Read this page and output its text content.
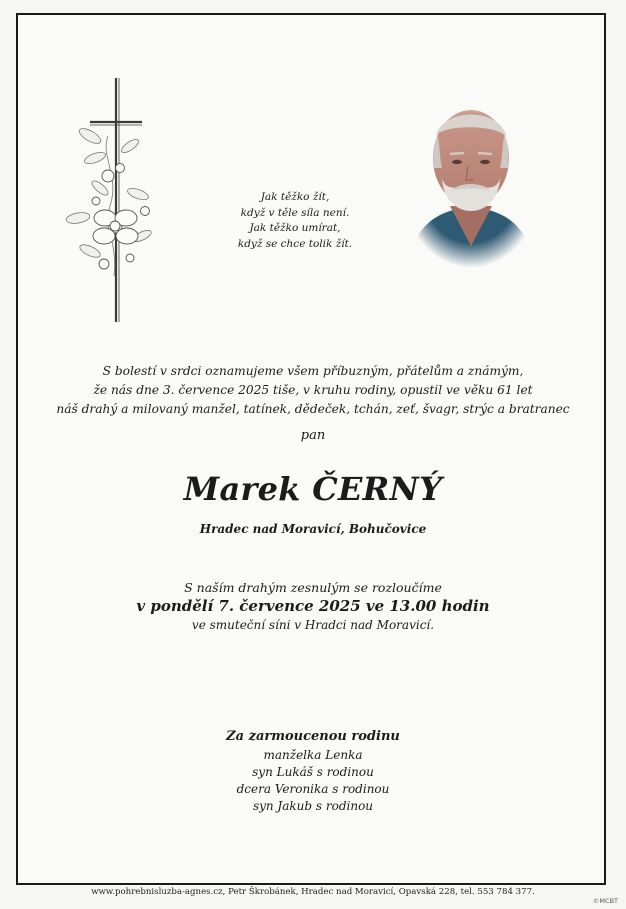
Jak těžko žít,
když v těle síla není.
Jak těžko umírat,
když se chce tolik žít.
S bolestí v srdci oznamujeme všem příbuzným, přátelům a známým,
že nás dne 3. července 2025 tiše, v kruhu rodiny, opustil ve věku 61 let
náš drahý a milovaný manžel, tatínek, dědeček, tchán, zeť, švagr, strýc a bratranec
pan
Marek ČERNÝ
Hradec nad Moravicí, Bohučovice
S naším drahým zesnulým se rozloučíme
v pondělí 7. července 2025 ve 13.00 hodin
ve smuteční síni v Hradci nad Moravicí.
Za zarmoucenou rodinu
manželka Lenka
syn Lukáš s rodinou
dcera Veronika s rodinou
syn Jakub s rodinou
www.pohrebnisluzba-agnes.cz, Petr Škrobánek, Hradec nad Moravicí, Opavská 228, tel. 553 784 377.
©MCBT
